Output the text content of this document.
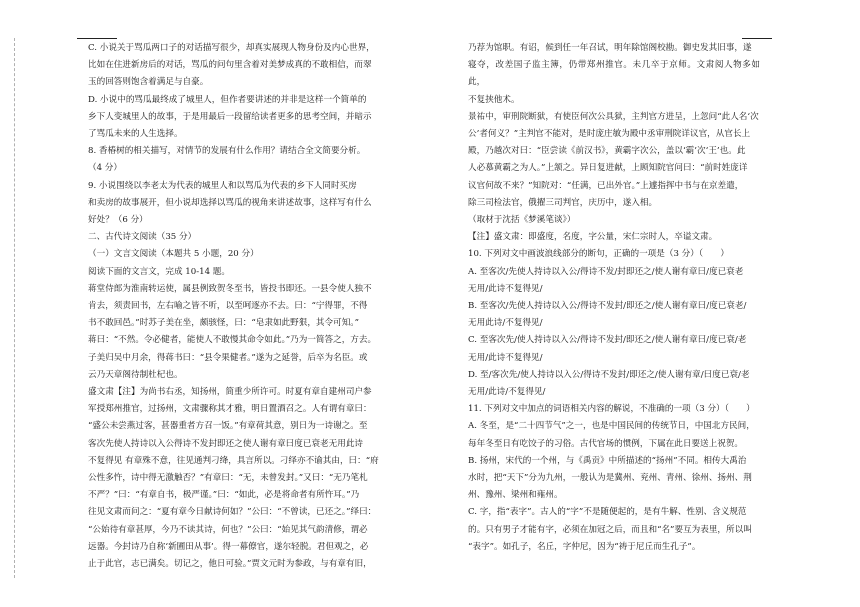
C. 小说关于骂瓜两口子的对话描写很少，却真实展现人物身份及内心世界，

比如在住进新房后的对话，骂瓜的问句里含着对美梦成真的不敢相信，而翠

玉的回答则饱含着满足与自豪。

D. 小说中的骂瓜最终成了城里人，但作者要讲述的并非是这样一个简单的

乡下人变城里人的故事，于是用最后一段留给读者更多的思考空间，并暗示

了骂瓜未来的人生选择。

8. 香椿树的相关描写，对情节的发展有什么作用？请结合全文简要分析。

（4 分）

9. 小说围绕以李老太为代表的城里人和以骂瓜为代表的乡下人同时买房

和卖房的故事展开，但小说却选择以骂瓜的视角来讲述故事，这样写有什么

好处？（6 分）

二、古代诗文阅读（35 分）

（一）文言文阅读（本题共 5 小题，20 分）

阅读下面的文言文，完成 10-14 题。

蒋堂侍郎为淮南转运使，属县例致贺冬至书，皆投书即还。一县令使人独不

肯去，须责回书，左右喻之皆不听，以至呵逐亦不去。曰：“宁得罪，不得

书不敢回邑。”时苏子美在坐，颇骇怪，曰：“皂隶如此野狠，其令可知。”

蒋曰：“不然。令必健者，能使人不敢慢其命令如此。”乃为一简答之，方去。

子美归吴中月余，得蒋书曰：“县令果健者。”遂为之延誉，后卒为名臣。或

云乃天章阁待制杜杞也。

盛文肃【注】为尚书右丞，知扬州，简重少所许可。时夏有章自建州司户参

军授郑州推官，过扬州，文肃骤称其才雅，明日置酒召之。人有谓有章曰：

“盛公未尝燕过客，甚器重者方召一饭。”有章荷其意，别日为一诗谢之。至

客次先使人持诗以入公得诗不发封即还之使人谢有章曰度已衰老无用此诗

不复得见 有章殊不意，往见通判刁绛，具言所以。刁绎亦不谕其由，曰：“府

公性多忤，诗中得无激触否？”有章曰：“无，未曾发封。”又曰：“无乃笔札

不严？”曰：“有章自书，极严谨。”曰：“如此，必是将命者有所忤耳。”乃

往见文肃而问之：“夏有章今日献诗何如？”公曰：“不曾读，已还之。”绎曰：

“公始待有章甚厚，今乃不读其诗，何也？”公曰：“始见其气韵清修，谓必

远器。今封诗乃自称‘新圃田从事’。得一幕僚官，遂尔轻脱。君但观之，必

止于此官，志已满矣。切记之，他日可验。”贾文元时为参政，与有章有旧，

乃荐为馆职。有诏，候到任一年召试，明年除馆阁校勘。御史发其旧事，遂

寝夺，改差国子监主簿，仍带郑州推官。未几卒于京师。文肃阅人物多如此，

不复挟他术。

景祐中，审刑院断狱，有使臣何次公具狱，主判官方进呈，上忽问“此人名‘次

公’者何义？”主判官不能对，是时庞庄敏为殿中丞审刑院详议官，从官长上

殿，乃越次对曰：“臣尝读《前汉书》，黄霸字次公，盖以‘霸’次‘王’也。此

人必慕黄霸之为人。”上颔之。异日复进献，上顾知院官问曰：“前时姓庞详

议官何故不来？”知院对：“任满，已出外官。”上遽指挥中书与在京差遣，

除三司检法官，俄擢三司判官，庆历中，遂入相。

（取材于沈括《梦溪笔谈》）

【注】盛文肃：即盛度，名度，字公量，宋仁宗时人，卒谥文肃。

10. 下列对文中画波浪线部分的断句，正确的一项是（3 分）（　　）

A. 至客次/先使人持诗以入公/得诗不发/封即还之/使人谢有章曰/度已衰老

无用/此诗不复得见/

B. 至客次/先使人持诗以入公/得诗不发封/即还之/使人谢有章曰/度已衰老/

无用此诗/不复得见/

C. 至客次先/使人持诗以入公/得诗不发封/即还之/使人谢有章曰/度已衰/老

无用/此诗不复得见/

D. 至/客次先/使人持诗以入公/得诗不发封/即还之/使人谢有章/曰度已衰/老

无用/此诗/不复得见/

11. 下列对文中加点的词语相关内容的解说，不准确的一项（3 分）（　　）

A. 冬至，是“二十四节气”之一，也是中国民间的传统节日，中国北方民间，

每年冬至日有吃饺子的习俗。古代官场的惯例，下属在此日要送上祝贺。

B. 扬州，宋代的一个州，与《禹贡》中所描述的“扬州”不同。相传大禹治

水时，把“天下”分为九州，一般认为是冀州、兖州、青州、徐州、扬州、荆

州、豫州、梁州和雍州。

C. 字，指“表字”。古人的“字”不是随便起的，是有牛解、性别、含义规范

的。只有男子才能有字，必须在加冠之后，而且和“名”要互为表里，所以叫

“表字”。如孔子，名丘，字仲尼，因为“祷于尼丘而生孔子”。
